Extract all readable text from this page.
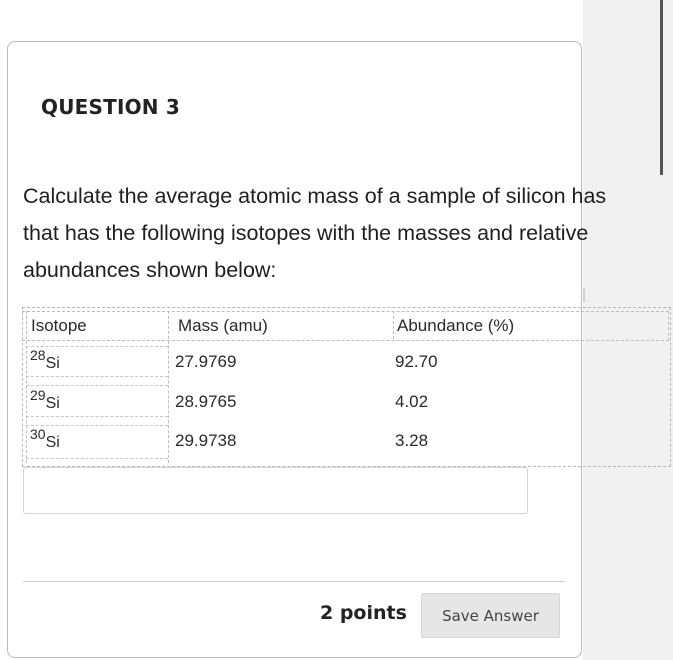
QUESTION 3
Calculate the average atomic mass of a sample of silicon has
that has the following isotopes with the masses and relative
abundances shown below:
Isotope	Mass (amu)	Abundance (%)
$^{28}$Si	27.9769	92.70
$^{29}$Si	28.9765	4.02
$^{30}$Si	29.9738	3.28
2 points	Save Answer
